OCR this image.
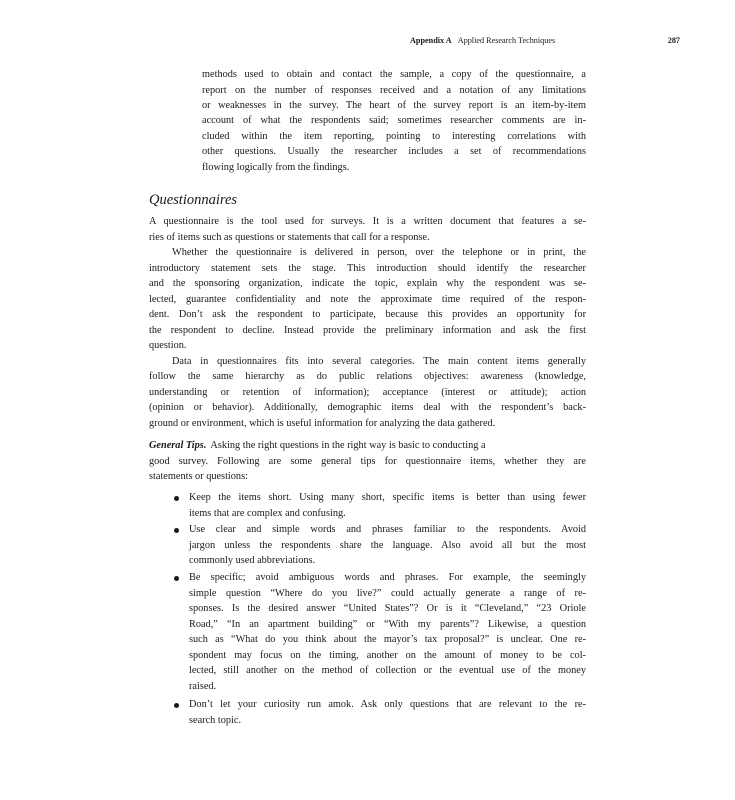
Appendix A Applied Research Techniques	287
methods used to obtain and contact the sample, a copy of the questionnaire, a
report on the number of responses received and a notation of any limitations
or weaknesses in the survey. The heart of the survey report is an item-by-item
account of what the respondents said; sometimes researcher comments are in-
cluded within the item reporting, pointing to interesting correlations with
other questions. Usually the researcher includes a set of recommendations
flowing logically from the findings.
Questionnaires
A questionnaire is the tool used for surveys. It is a written document that features a se-
ries of items such as questions or statements that call for a response.
Whether the questionnaire is delivered in person, over the telephone or in print, the
introductory statement sets the stage. This introduction should identify the researcher
and the sponsoring organization, indicate the topic, explain why the respondent was se-
lected, guarantee confidentiality and note the approximate time required of the respon-
dent. Don’t ask the respondent to participate, because this provides an opportunity for
the respondent to decline. Instead provide the preliminary information and ask the first
question.
Data in questionnaires fits into several categories. The main content items generally
follow the same hierarchy as do public relations objectives: awareness (knowledge,
understanding or retention of information); acceptance (interest or attitude); action
(opinion or behavior). Additionally, demographic items deal with the respondent’s back-
ground or environment, which is useful information for analyzing the data gathered.
General Tips. Asking the right questions in the right way is basic to conducting a
good survey. Following are some general tips for questionnaire items, whether they are
statements or questions:
Keep the items short. Using many short, specific items is better than using fewer
items that are complex and confusing.
Use clear and simple words and phrases familiar to the respondents. Avoid
jargon unless the respondents share the language. Also avoid all but the most
commonly used abbreviations.
Be specific; avoid ambiguous words and phrases. For example, the seemingly
simple question “Where do you live?” could actually generate a range of re-
sponses. Is the desired answer “United States”? Or is it “Cleveland,” “23 Oriole
Road,” “In an apartment building” or “With my parents”? Likewise, a question
such as “What do you think about the mayor’s tax proposal?” is unclear. One re-
spondent may focus on the timing, another on the amount of money to be col-
lected, still another on the method of collection or the eventual use of the money
raised.
Don’t let your curiosity run amok. Ask only questions that are relevant to the re-
search topic.
